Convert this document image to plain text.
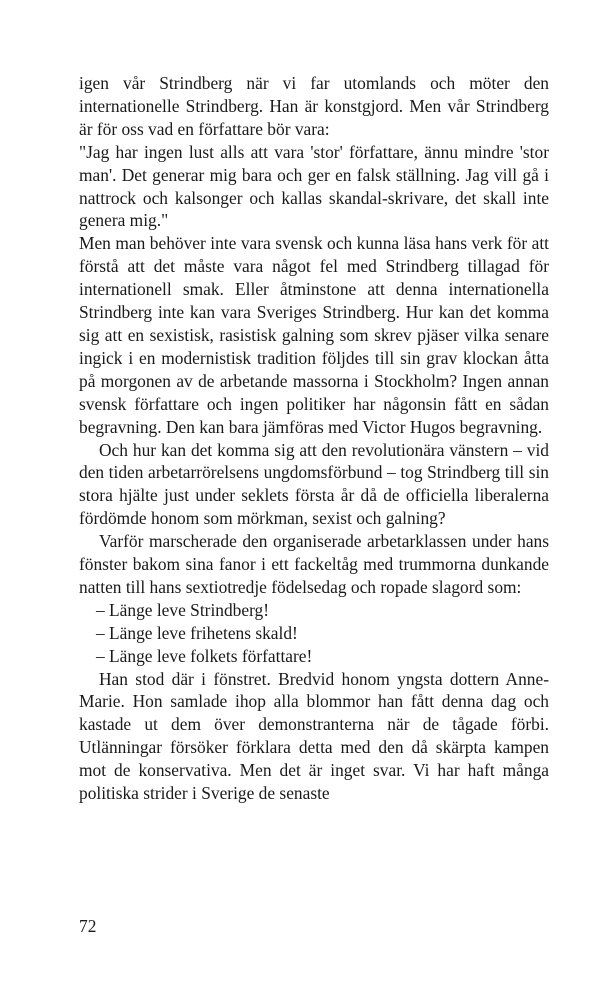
igen vår Strindberg när vi far utomlands och möter den internationelle Strindberg. Han är konstgjord. Men vår Strindberg är för oss vad en författare bör vara:

"Jag har ingen lust alls att vara 'stor' författare, ännu mindre 'stor man'. Det generar mig bara och ger en falsk ställning. Jag vill gå i nattrock och kalsonger och kallas skandal-skrivare, det skall inte genera mig."

Men man behöver inte vara svensk och kunna läsa hans verk för att förstå att det måste vara något fel med Strindberg tillagad för internationell smak. Eller åtminstone att denna internationella Strindberg inte kan vara Sveriges Strindberg. Hur kan det komma sig att en sexistisk, rasistisk galning som skrev pjäser vilka senare ingick i en modernistisk tradition följdes till sin grav klockan åtta på morgonen av de arbetande massorna i Stockholm? Ingen annan svensk författare och ingen politiker har någonsin fått en sådan begravning. Den kan bara jämföras med Victor Hugos begravning.

Och hur kan det komma sig att den revolutionära vänstern – vid den tiden arbetarrörelsens ungdomsförbund – tog Strindberg till sin stora hjälte just under seklets första år då de officiella liberalerna fördömde honom som mörkman, sexist och galning?

Varför marscherade den organiserade arbetarklassen under hans fönster bakom sina fanor i ett fackeltåg med trummorna dunkande natten till hans sextiotredje födelsedag och ropade slagord som:

– Länge leve Strindberg!

– Länge leve frihetens skald!

– Länge leve folkets författare!

Han stod där i fönstret. Bredvid honom yngsta dottern Anne-Marie. Hon samlade ihop alla blommor han fått denna dag och kastade ut dem över demonstranterna när de tågade förbi. Utlänningar försöker förklara detta med den då skärpta kampen mot de konservativa. Men det är inget svar. Vi har haft många politiska strider i Sverige de senaste

72
